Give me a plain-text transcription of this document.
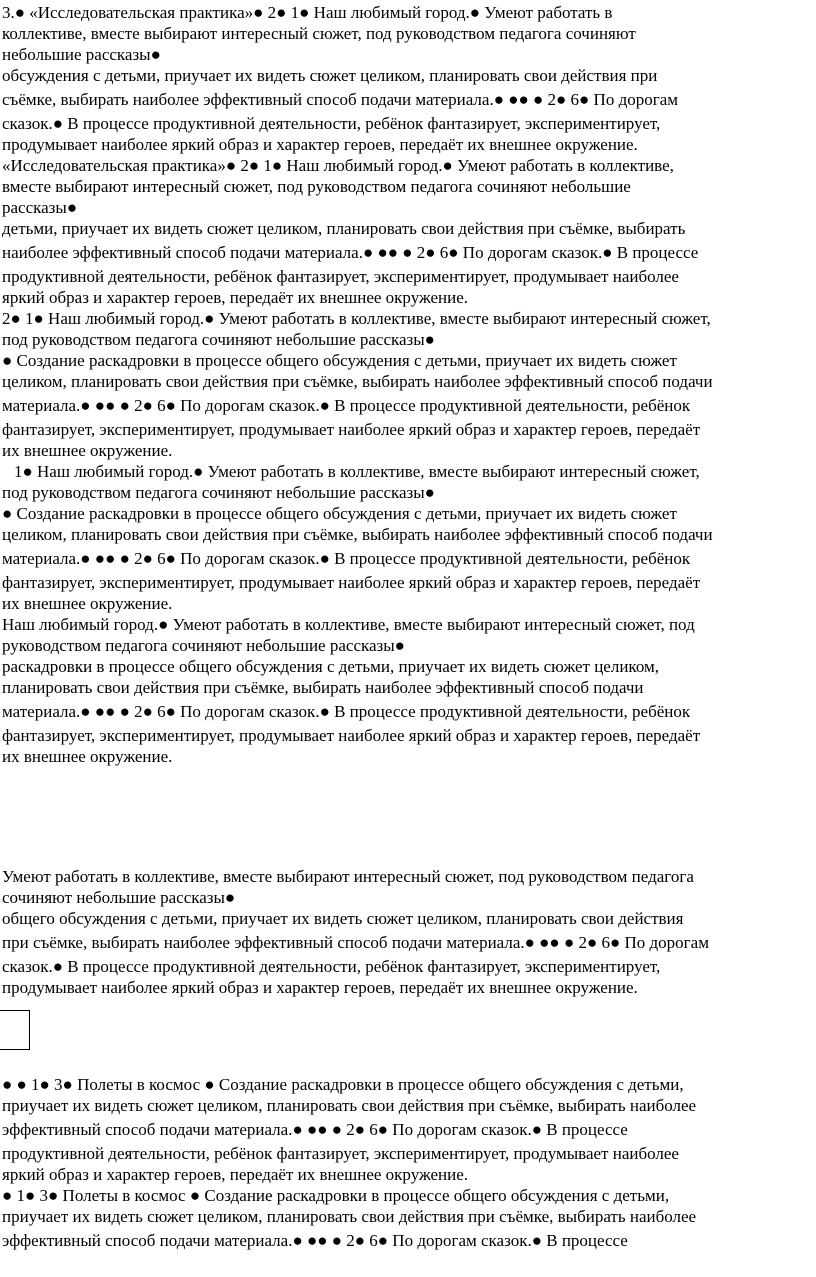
3.● «Исследовательская практика»● 2● 1● Наш любимый город.● Умеют работать в
коллективе, вместе выбирают интересный сюжет, под руководством педагога сочиняют
небольшие рассказы●
обсуждения с детьми, приучает их видеть сюжет целиком, планировать свои действия при
съёмке, выбирать наиболее эффективный способ подачи материала.● ●● ● 2● 6● По дорогам
сказок.● В процессе продуктивной деятельности, ребёнок фантазирует, экспериментирует,
продумывает наиболее яркий образ и характер героев, передаёт их внешнее окружение.
«Исследовательская практика»● 2● 1● Наш любимый город.● Умеют работать в коллективе,
вместе выбирают интересный сюжет, под руководством педагога сочиняют небольшие
рассказы●
детьми, приучает их видеть сюжет целиком, планировать свои действия при съёмке, выбирать
наиболее эффективный способ подачи материала.● ●● ● 2● 6● По дорогам сказок.● В процессе
продуктивной деятельности, ребёнок фантазирует, экспериментирует, продумывает наиболее
яркий образ и характер героев, передаёт их внешнее окружение.
2● 1● Наш любимый город.● Умеют работать в коллективе, вместе выбирают интересный сюжет,
под руководством педагога сочиняют небольшие рассказы●
● Создание раскадровки в процессе общего обсуждения с детьми, приучает их видеть сюжет
целиком, планировать свои действия при съёмке, выбирать наиболее эффективный способ подачи
материала.● ●● ● 2● 6● По дорогам сказок.● В процессе продуктивной деятельности, ребёнок
фантазирует, экспериментирует, продумывает наиболее яркий образ и характер героев, передаёт
их внешнее окружение.
1● Наш любимый город.● Умеют работать в коллективе, вместе выбирают интересный сюжет,
под руководством педагога сочиняют небольшие рассказы●
● Создание раскадровки в процессе общего обсуждения с детьми, приучает их видеть сюжет
целиком, планировать свои действия при съёмке, выбирать наиболее эффективный способ подачи
материала.● ●● ● 2● 6● По дорогам сказок.● В процессе продуктивной деятельности, ребёнок
фантазирует, экспериментирует, продумывает наиболее яркий образ и характер героев, передаёт
их внешнее окружение.
Наш любимый город.● Умеют работать в коллективе, вместе выбирают интересный сюжет, под
руководством педагога сочиняют небольшие рассказы●
раскадровки в процессе общего обсуждения с детьми, приучает их видеть сюжет целиком,
планировать свои действия при съёмке, выбирать наиболее эффективный способ подачи
материала.● ●● ● 2● 6● По дорогам сказок.● В процессе продуктивной деятельности, ребёнок
фантазирует, экспериментирует, продумывает наиболее яркий образ и характер героев, передаёт
их внешнее окружение.
Умеют работать в коллективе, вместе выбирают интересный сюжет, под руководством педагога
сочиняют небольшие рассказы●
общего обсуждения с детьми, приучает их видеть сюжет целиком, планировать свои действия
при съёмке, выбирать наиболее эффективный способ подачи материала.● ●● ● 2● 6● По дорогам
сказок.● В процессе продуктивной деятельности, ребёнок фантазирует, экспериментирует,
продумывает наиболее яркий образ и характер героев, передаёт их внешнее окружение.
● ● 1● 3● Полеты в космос ● Создание раскадровки в процессе общего обсуждения с детьми,
приучает их видеть сюжет целиком, планировать свои действия при съёмке, выбирать наиболее
эффективный способ подачи материала.● ●● ● 2● 6● По дорогам сказок.● В процессе
продуктивной деятельности, ребёнок фантазирует, экспериментирует, продумывает наиболее
яркий образ и характер героев, передаёт их внешнее окружение.
● 1● 3● Полеты в космос ● Создание раскадровки в процессе общего обсуждения с детьми,
приучает их видеть сюжет целиком, планировать свои действия при съёмке, выбирать наиболее
эффективный способ подачи материала.● ●● ● 2● 6● По дорогам сказок.● В процессе
